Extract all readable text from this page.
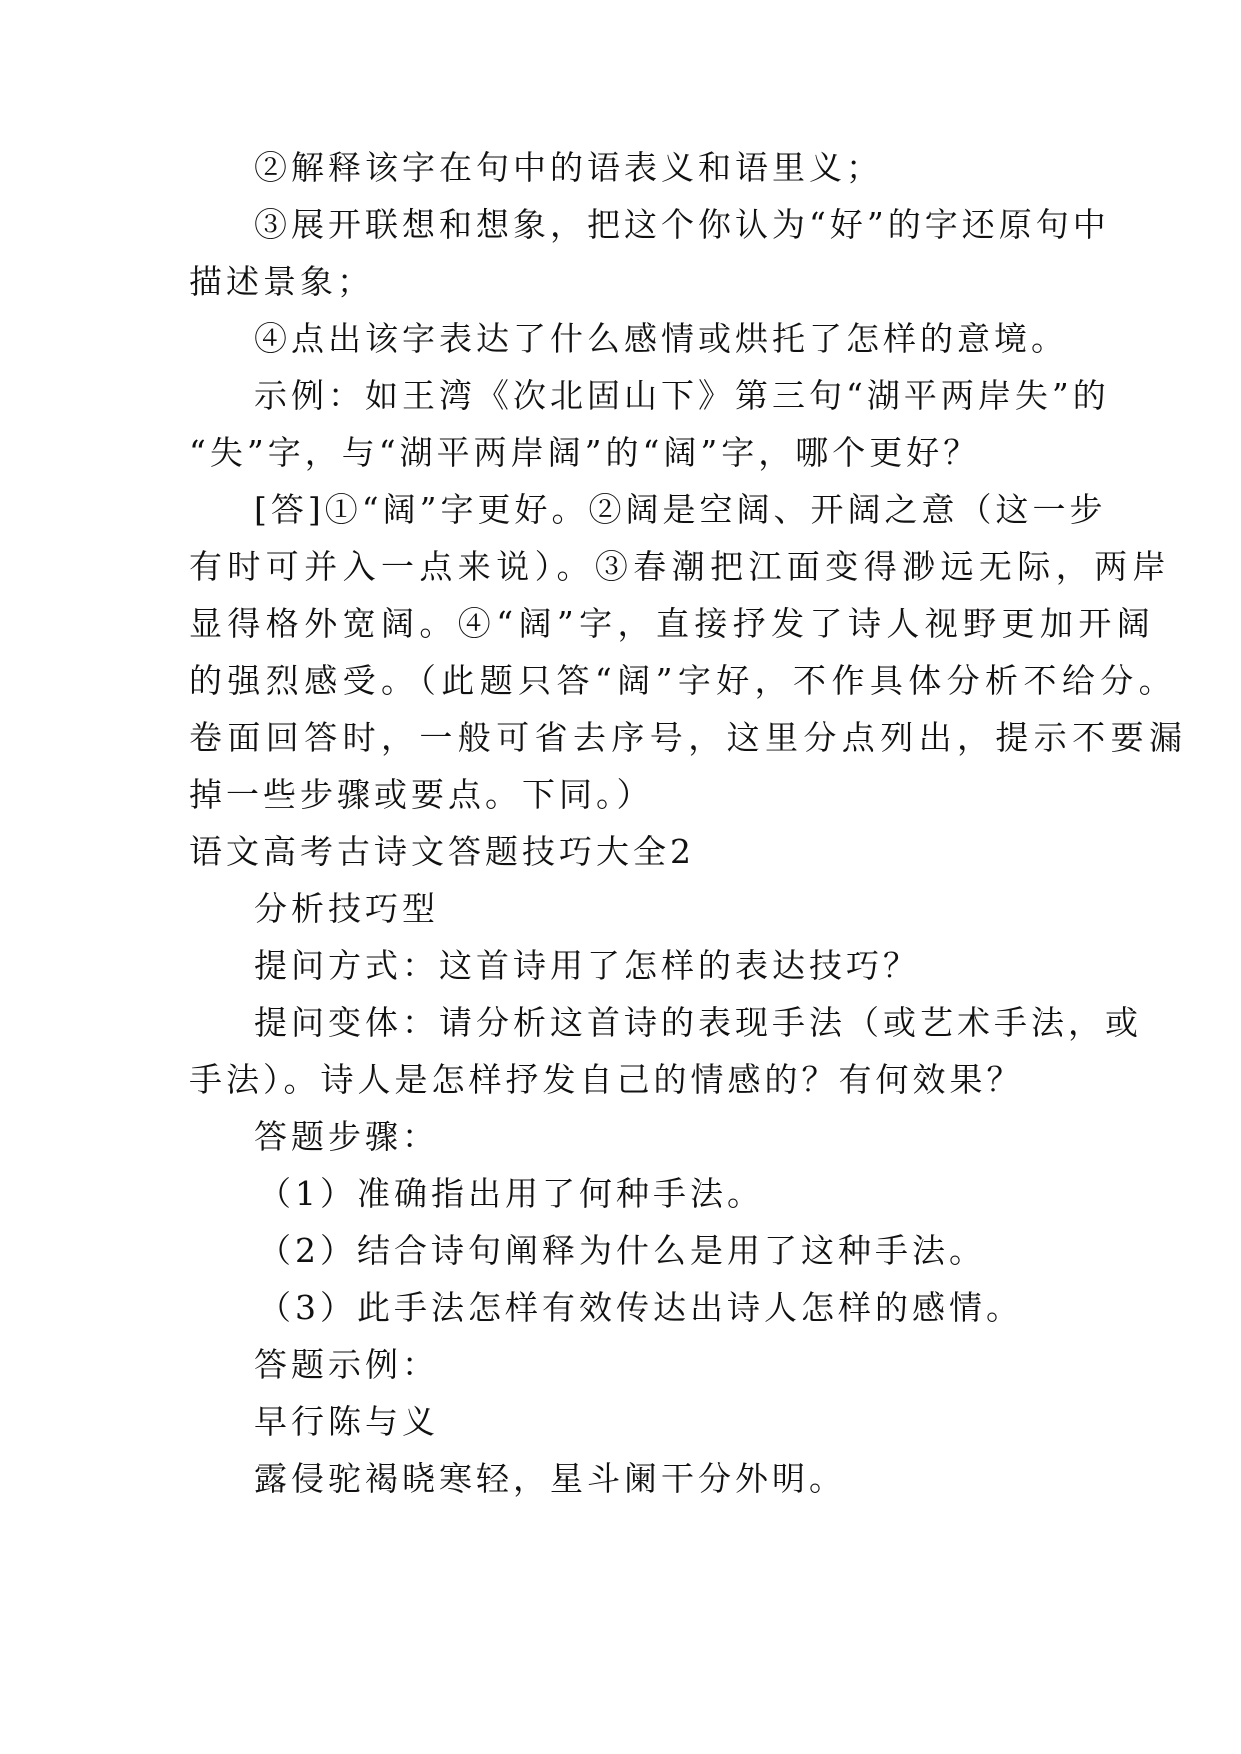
②解释该字在句中的语表义和语里义；

③展开联想和想象，把这个你认为“好”的字还原句中

描述景象；

④点出该字表达了什么感情或烘托了怎样的意境。

示例：如王湾《次北固山下》第三句“湖平两岸失”的

“失”字，与“湖平两岸阔”的“阔”字，哪个更好？

[答]①“阔”字更好。②阔是空阔、开阔之意（这一步

有时可并入一点来说）。③春潮把江面变得渺远无际，两岸

显得格外宽阔。④“阔”字，直接抒发了诗人视野更加开阔

的强烈感受。（此题只答“阔”字好，不作具体分析不给分。

卷面回答时，一般可省去序号，这里分点列出，提示不要漏

掉一些步骤或要点。下同。）

语文高考古诗文答题技巧大全2

分析技巧型

提问方式：这首诗用了怎样的表达技巧？

提问变体：请分析这首诗的表现手法（或艺术手法，或

手法）。诗人是怎样抒发自己的情感的？有何效果？

答题步骤：

（1）准确指出用了何种手法。

（2）结合诗句阐释为什么是用了这种手法。

（3）此手法怎样有效传达出诗人怎样的感情。

答题示例：

早行陈与义

露侵驼褐晓寒轻，星斗阑干分外明。
